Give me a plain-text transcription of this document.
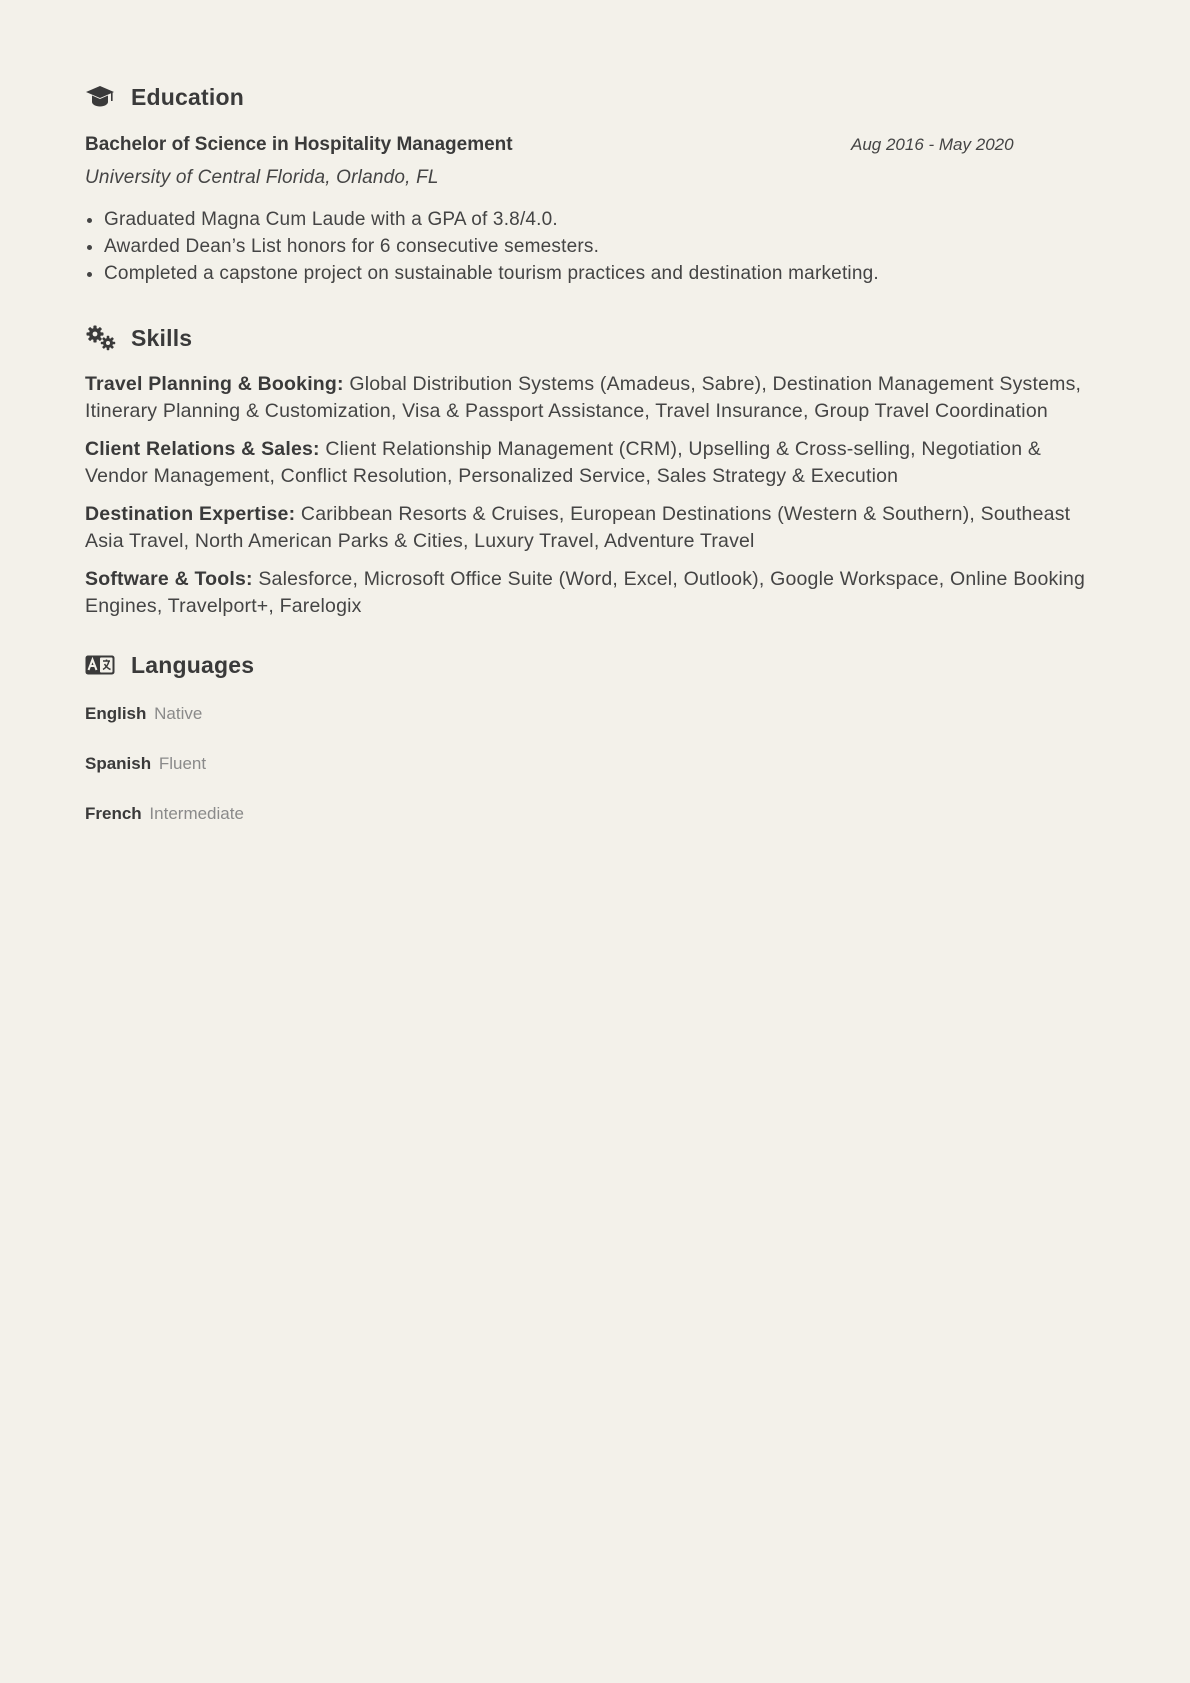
Education
Bachelor of Science in Hospitality Management	Aug 2016 - May 2020
University of Central Florida, Orlando, FL
• Graduated Magna Cum Laude with a GPA of 3.8/4.0.
• Awarded Dean’s List honors for 6 consecutive semesters.
• Completed a capstone project on sustainable tourism practices and destination marketing.
Skills
Travel Planning & Booking: Global Distribution Systems (Amadeus, Sabre), Destination Management Systems, Itinerary Planning & Customization, Visa & Passport Assistance, Travel Insurance, Group Travel Coordination
Client Relations & Sales: Client Relationship Management (CRM), Upselling & Cross-selling, Negotiation & Vendor Management, Conflict Resolution, Personalized Service, Sales Strategy & Execution
Destination Expertise: Caribbean Resorts & Cruises, European Destinations (Western & Southern), Southeast Asia Travel, North American Parks & Cities, Luxury Travel, Adventure Travel
Software & Tools: Salesforce, Microsoft Office Suite (Word, Excel, Outlook), Google Workspace, Online Booking Engines, Travelport+, Farelogix
Languages
English Native
Spanish Fluent
French Intermediate
